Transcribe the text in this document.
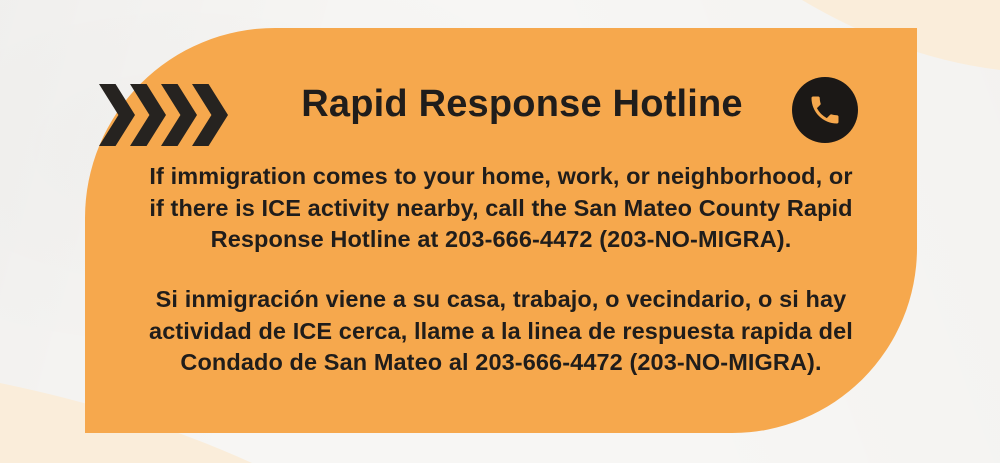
Rapid Response Hotline

If immigration comes to your home, work, or neighborhood, or
if there is ICE activity nearby, call the San Mateo County Rapid
Response Hotline at 203-666-4472 (203-NO-MIGRA).

Si inmigración viene a su casa, trabajo, o vecindario, o si hay
actividad de ICE cerca, llame a la linea de respuesta rapida del
Condado de San Mateo al 203-666-4472 (203-NO-MIGRA).
